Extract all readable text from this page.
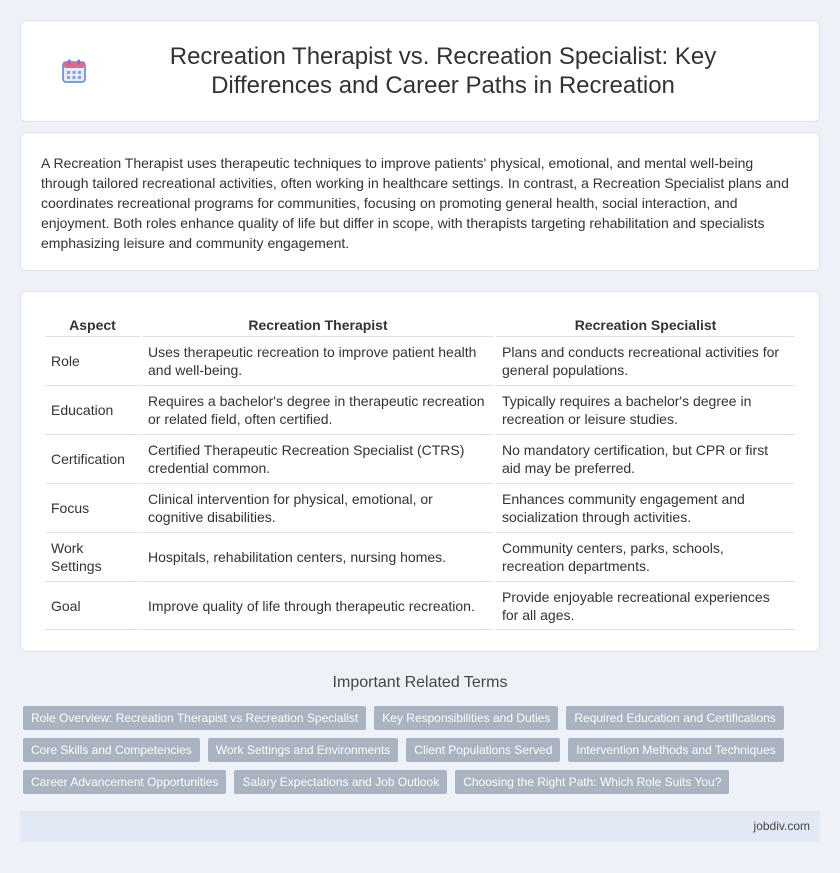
Recreation Therapist vs. Recreation Specialist: Key Differences and Career Paths in Recreation

A Recreation Therapist uses therapeutic techniques to improve patients' physical, emotional, and mental well-being through tailored recreational activities, often working in healthcare settings. In contrast, a Recreation Specialist plans and coordinates recreational programs for communities, focusing on promoting general health, social interaction, and enjoyment. Both roles enhance quality of life but differ in scope, with therapists targeting rehabilitation and specialists emphasizing leisure and community engagement.

Aspect	Recreation Therapist	Recreation Specialist
Role	Uses therapeutic recreation to improve patient health and well-being.	Plans and conducts recreational activities for general populations.
Education	Requires a bachelor's degree in therapeutic recreation or related field, often certified.	Typically requires a bachelor's degree in recreation or leisure studies.
Certification	Certified Therapeutic Recreation Specialist (CTRS) credential common.	No mandatory certification, but CPR or first aid may be preferred.
Focus	Clinical intervention for physical, emotional, or cognitive disabilities.	Enhances community engagement and socialization through activities.
Work Settings	Hospitals, rehabilitation centers, nursing homes.	Community centers, parks, schools, recreation departments.
Goal	Improve quality of life through therapeutic recreation.	Provide enjoyable recreational experiences for all ages.
Important Related Terms
Role Overview: Recreation Therapist vs Recreation Specialist	Key Responsibilities and Duties	Required Education and Certifications
Core Skills and Competencies	Work Settings and Environments	Client Populations Served	Intervention Methods and Techniques
Career Advancement Opportunities	Salary Expectations and Job Outlook	Choosing the Right Path: Which Role Suits You?
jobdiv.com
